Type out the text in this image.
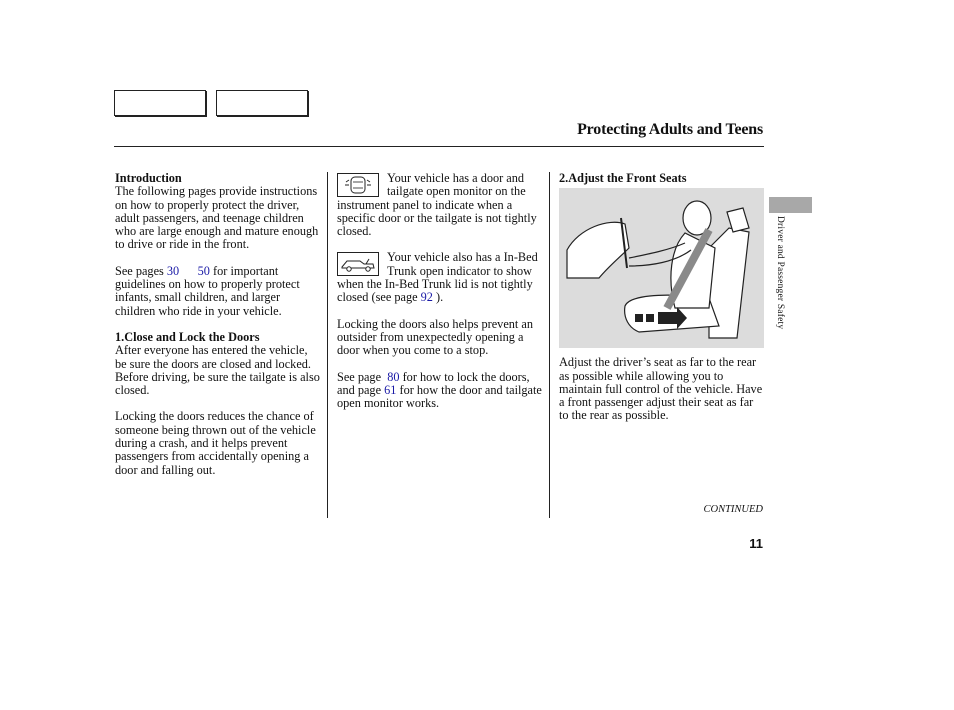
Protecting Adults and Teens

Introduction

The following pages provide instructions on how to properly protect the driver, adult passengers, and teenage children who are large enough and mature enough to drive or ride in the front.

See pages 30 50 for important guidelines on how to properly protect infants, small children, and larger children who ride in your vehicle.

1.Close and Lock the Doors

After everyone has entered the vehicle, be sure the doors are closed and locked. Before driving, be sure the tailgate is also closed.

Locking the doors reduces the chance of someone being thrown out of the vehicle during a crash, and it helps prevent passengers from accidentally opening a door and falling out.

Your vehicle has a door and tailgate open monitor on the instrument panel to indicate when a specific door or the tailgate is not tightly closed.

Your vehicle also has a In-Bed Trunk open indicator to show when the In-Bed Trunk lid is not tightly closed (see page 92 ).

Locking the doors also helps prevent an outsider from unexpectedly opening a door when you come to a stop.

See page  80 for how to lock the doors, and page 61 for how the door and tailgate open monitor works.

2.Adjust the Front Seats

Adjust the driver’s seat as far to the rear as possible while allowing you to maintain full control of the vehicle. Have a front passenger adjust their seat as far to the rear as possible.

Driver and Passenger Safety
CONTINUED
11
